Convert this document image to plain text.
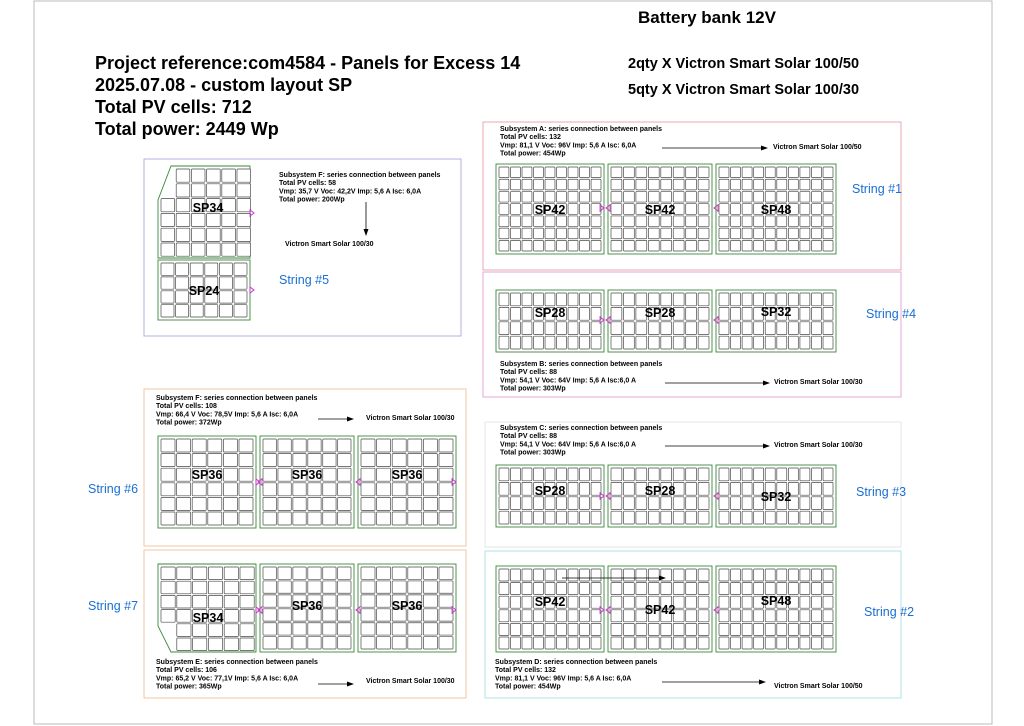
Subsystem A: series connection between panels
Total PV cells: 132
Vmp: 81,1 V Voc: 96V Imp: 5,6 A Isc: 6,0A
Total power: 454Wp
Victron Smart Solar 100/50
SP42	SP42	SP48
String #1
SP28	SP28	SP32
Subsystem B: series connection between panels
Total PV cells: 88
Vmp: 54,1 V Voc: 64V Imp: 5,6 A Isc:6,0 A
Total power: 303Wp
Victron Smart Solar 100/30
String #4
SP34
SP24
Subsystem F: series connection between panels
Total PV cells: 58
Vmp: 35,7 V Voc: 42,2V Imp: 5,6 A Isc: 6,0A
Total power: 200Wp
Victron Smart Solar 100/30
String #5
Subsystem F: series connection between panels
Total PV cells: 108
Vmp: 66,4 V Voc: 78,5V Imp: 5,6 A Isc: 6,0A
Total power: 372Wp
Victron Smart Solar 100/30
SP36	SP36	SP36
String #6
Subsystem C: series connection between panels
Total PV cells: 88
Vmp: 54,1 V Voc: 64V Imp: 5,6 A Isc:6,0 A
Total power: 303Wp
Victron Smart Solar 100/30
SP28	SP28	SP32	String #3
SP34
SP36	SP36
Subsystem E: series connection between panels
Total PV cells: 106
Vmp: 65,2 V Voc: 77,1V Imp: 5,6 A Isc: 6,0A
Total power: 365Wp
Victron Smart Solar 100/30
String #7	SP42
SP42
SP48
Subsystem D: series connection between panels
Total PV cells: 132
Vmp: 81,1 V Voc: 96V Imp: 5,6 A Isc: 6,0A
Total power: 454Wp	Victron Smart Solar 100/50
String #2
Battery bank 12V
Project reference:com4584 - Panels for Excess 14
2025.07.08 - custom layout SP
Total PV cells: 712
Total power: 2449 Wp
2qty X Victron Smart Solar 100/50
5qty X Victron Smart Solar 100/30
